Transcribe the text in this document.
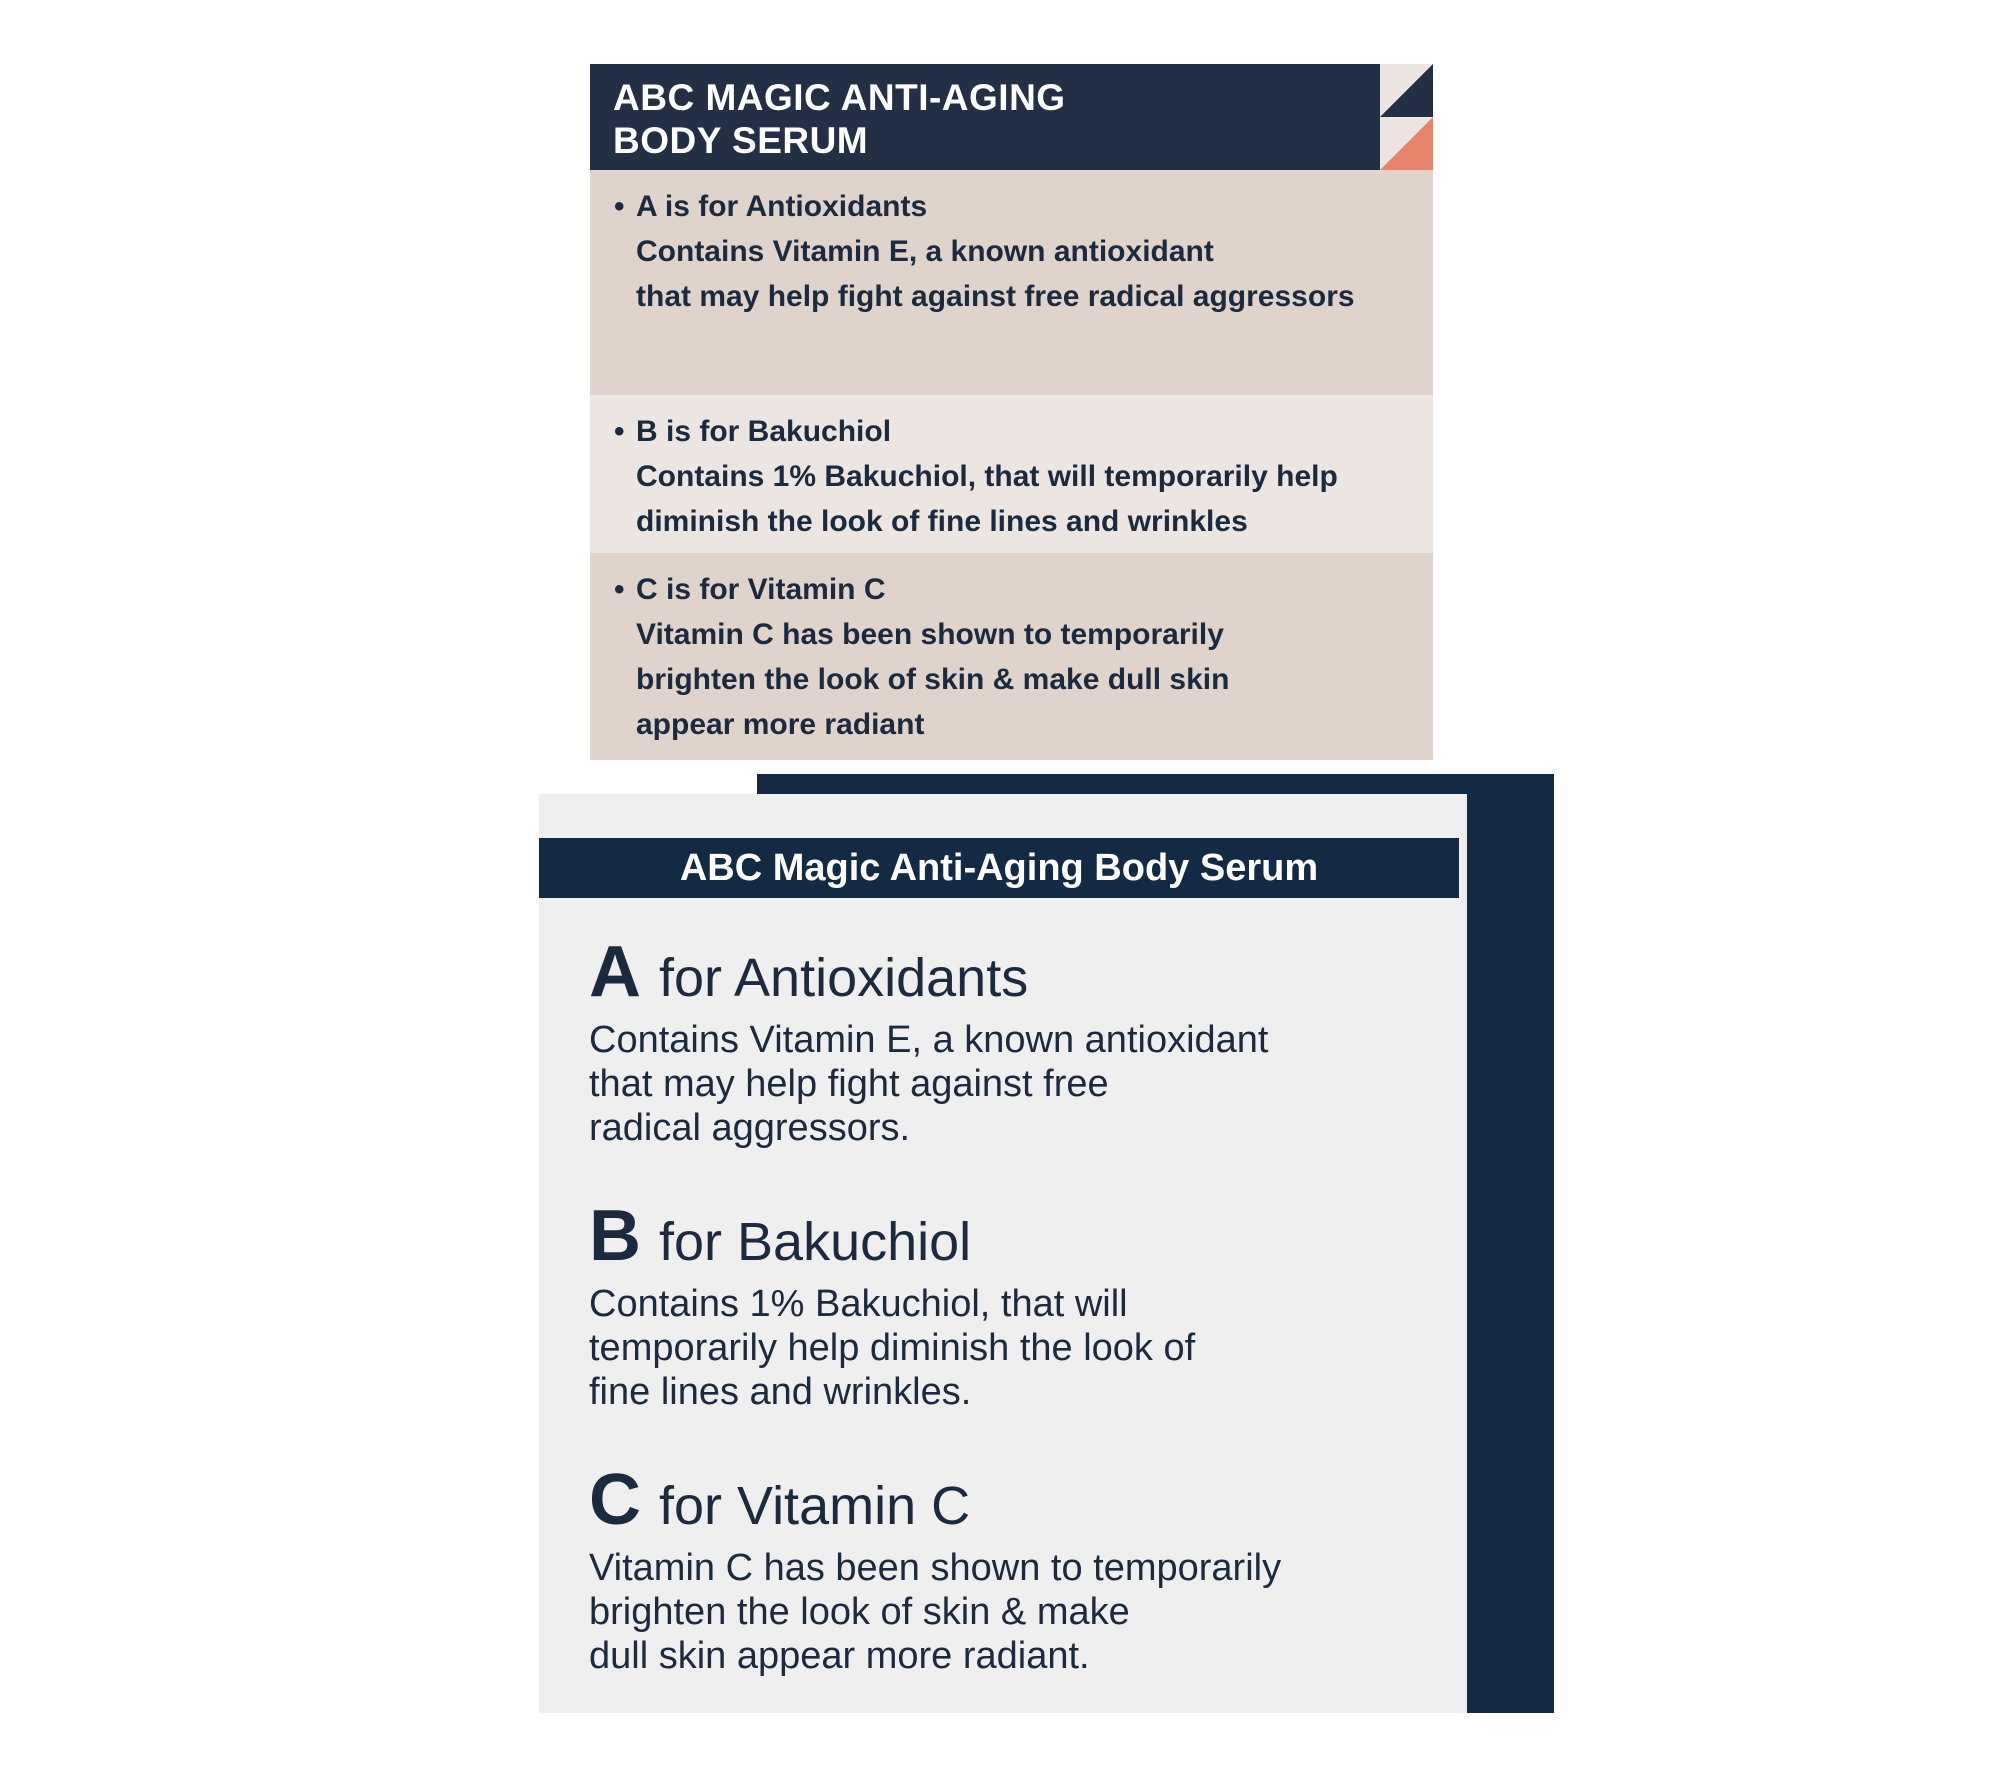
ABC MAGIC ANTI-AGING
BODY SERUM
• A is for Antioxidants
Contains Vitamin E, a known antioxidant
that may help fight against free radical aggressors
• B is for Bakuchiol
Contains 1% Bakuchiol, that will temporarily help
diminish the look of fine lines and wrinkles
• C is for Vitamin C
Vitamin C has been shown to temporarily
brighten the look of skin & make dull skin
appear more radiant
ABC Magic Anti-Aging Body Serum
A for Antioxidants
Contains Vitamin E, a known antioxidant
that may help fight against free
radical aggressors.
B for Bakuchiol
Contains 1% Bakuchiol, that will
temporarily help diminish the look of
fine lines and wrinkles.
C for Vitamin C
Vitamin C has been shown to temporarily
brighten the look of skin & make
dull skin appear more radiant.
